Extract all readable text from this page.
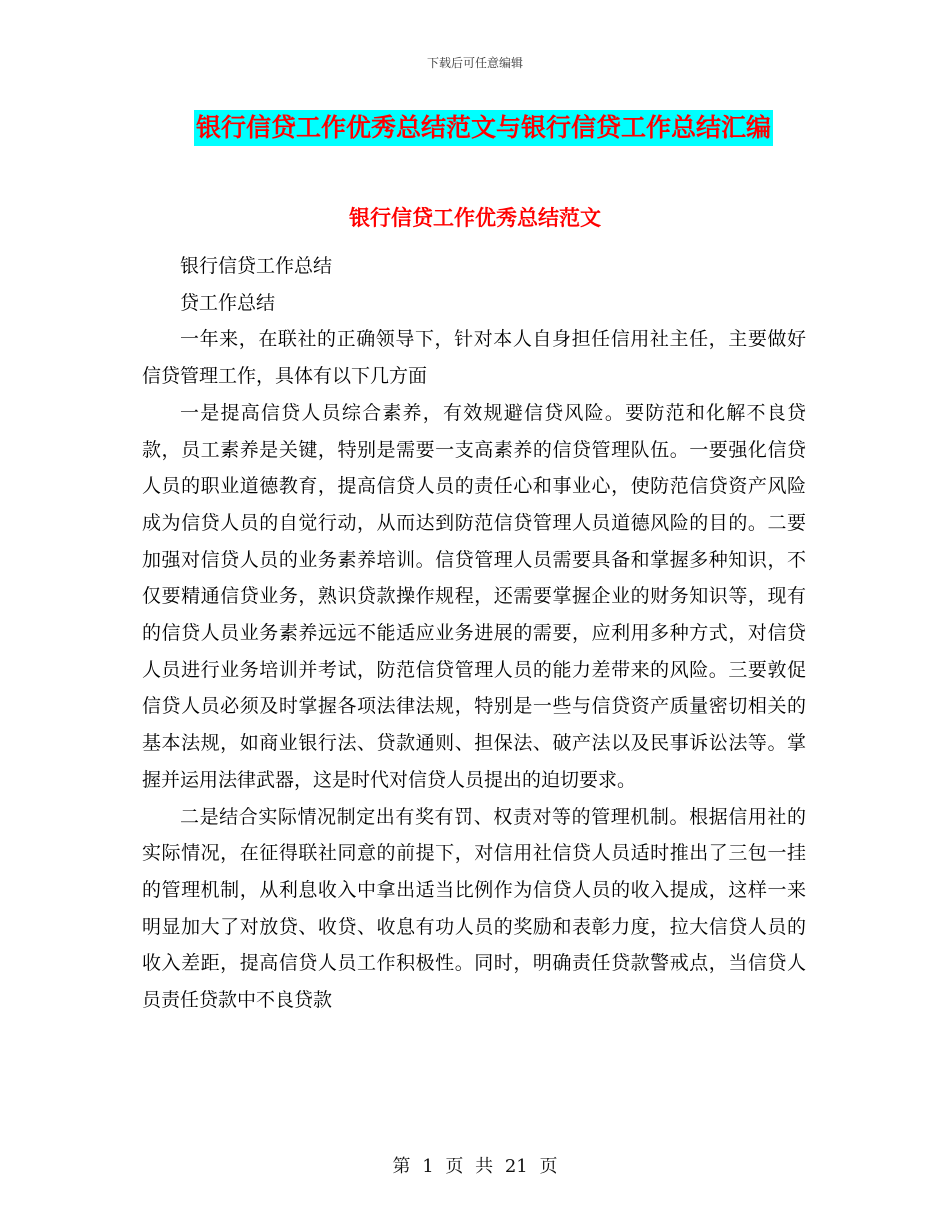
下载后可任意编辑
银行信贷工作优秀总结范文与银行信贷工作总结汇编
银行信贷工作优秀总结范文

银行信贷工作总结

贷工作总结

一年来，在联社的正确领导下，针对本人自身担任信用社主任，主要做好信贷管理工作，具体有以下几方面

一是提高信贷人员综合素养，有效规避信贷风险。要防范和化解不良贷款，员工素养是关键，特别是需要一支高素养的信贷管理队伍。一要强化信贷人员的职业道德教育，提高信贷人员的责任心和事业心，使防范信贷资产风险成为信贷人员的自觉行动，从而达到防范信贷管理人员道德风险的目的。二要加强对信贷人员的业务素养培训。信贷管理人员需要具备和掌握多种知识，不仅要精通信贷业务，熟识贷款操作规程，还需要掌握企业的财务知识等，现有的信贷人员业务素养远远不能适应业务进展的需要，应利用多种方式，对信贷人员进行业务培训并考试，防范信贷管理人员的能力差带来的风险。三要敦促信贷人员必须及时掌握各项法律法规，特别是一些与信贷资产质量密切相关的基本法规，如商业银行法、贷款通则、担保法、破产法以及民事诉讼法等。掌握并运用法律武器，这是时代对信贷人员提出的迫切要求。

二是结合实际情况制定出有奖有罚、权责对等的管理机制。根据信用社的实际情况，在征得联社同意的前提下，对信用社信贷人员适时推出了三包一挂的管理机制，从利息收入中拿出适当比例作为信贷人员的收入提成，这样一来明显加大了对放贷、收贷、收息有功人员的奖励和表彰力度，拉大信贷人员的收入差距，提高信贷人员工作积极性。同时，明确责任贷款警戒点，当信贷人员责任贷款中不良贷款

第 1 页 共 21 页
